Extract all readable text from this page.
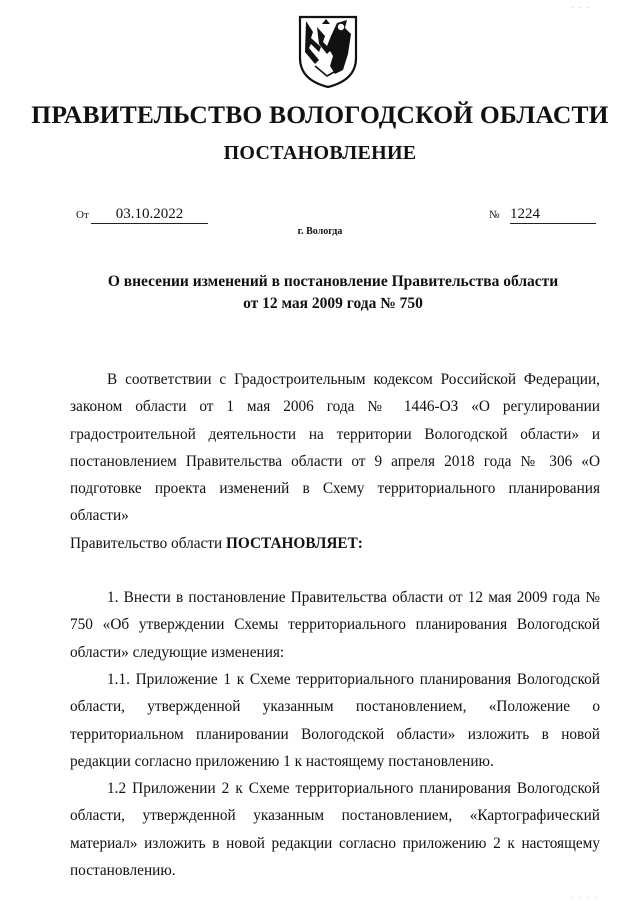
. . .
ПРАВИТЕЛЬСТВО ВОЛОГОДСКОЙ ОБЛАСТИ
ПОСТАНОВЛЕНИЕ
От	03.10.2022	№ 1224
г. Вологда
О внесении изменений в постановление Правительства области
от 12 мая 2009 года № 750

В соответствии с Градостроительным кодексом Российской Федерации, законом области от 1 мая 2006 года № 1446-ОЗ «О регулировании градостроительной деятельности на территории Вологодской области» и постановлением Правительства области от 9 апреля 2018 года № 306 «О подготовке проекта изменений в Схему территориального планирования области»

Правительство области ПОСТАНОВЛЯЕТ:

1. Внести в постановление Правительства области от 12 мая 2009 года № 750 «Об утверждении Схемы территориального планирования Вологодской области» следующие изменения:

1.1. Приложение 1 к Схеме территориального планирования Вологодской области, утвержденной указанным постановлением, «Положение о территориальном планировании Вологодской области» изложить в новой редакции согласно приложению 1 к настоящему постановлению.

1.2 Приложении 2 к Схеме территориального планирования Вологодской области, утвержденной указанным постановлением, «Картографический материал» изложить в новой редакции согласно приложению 2 к настоящему постановлению.

. . . .
